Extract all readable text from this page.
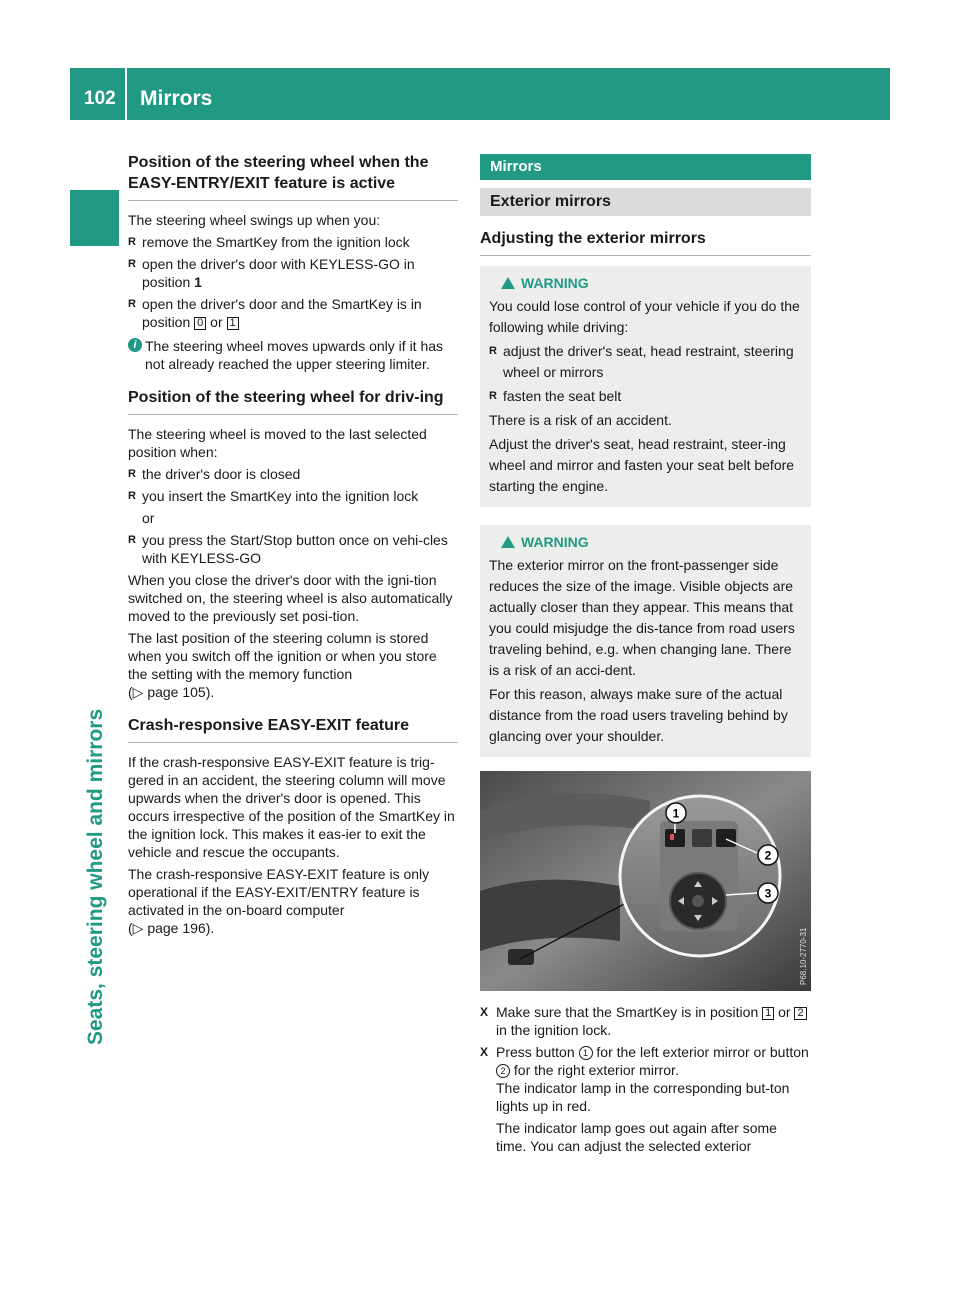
102 Mirrors
Seats, steering wheel and mirrors
Position of the steering wheel when the EASY-ENTRY/EXIT feature is active

The steering wheel swings up when you:

R remove the SmartKey from the ignition lock
R open the driver's door with KEYLESS-GO in position 1
R open the driver's door and the SmartKey is in position 0 or 1
i The steering wheel moves upwards only if it has not already reached the upper steering limiter.
Position of the steering wheel for driv-ing

The steering wheel is moved to the last selected position when:

R the driver's door is closed
R you insert the SmartKey into the ignition lock

or

R you press the Start/Stop button once on vehi-cles with KEYLESS-GO

When you close the driver's door with the igni-tion switched on, the steering wheel is also automatically moved to the previously set posi-tion.

The last position of the steering column is stored when you switch off the ignition or when you store the setting with the memory function

(▷ page 105).

Crash-responsive EASY-EXIT feature

If the crash-responsive EASY-EXIT feature is trig-gered in an accident, the steering column will move upwards when the driver's door is opened. This occurs irrespective of the position of the SmartKey in the ignition lock. This makes it eas-ier to exit the vehicle and rescue the occupants.

The crash-responsive EASY-EXIT feature is only operational if the EASY-EXIT/ENTRY feature is activated in the on-board computer

(▷ page 196).

Mirrors
Exterior mirrors
Adjusting the exterior mirrors
WARNING

You could lose control of your vehicle if you do the following while driving:

R adjust the driver's seat, head restraint, steering wheel or mirrors
R fasten the seat belt

There is a risk of an accident.

Adjust the driver's seat, head restraint, steer-ing wheel and mirror and fasten your seat belt before starting the engine.

WARNING

The exterior mirror on the front-passenger side reduces the size of the image. Visible objects are actually closer than they appear. This means that you could misjudge the dis-tance from road users traveling behind, e.g. when changing lane. There is a risk of an acci-dent.

For this reason, always make sure of the actual distance from the road users traveling behind by glancing over your shoulder.

1
2
3
P68.10-2770-31
X Make sure that the SmartKey is in position 1 or 2 in the ignition lock.
X Press button 1 for the left exterior mirror or button 2 for the right exterior mirror.

The indicator lamp in the corresponding but-ton lights up in red.

The indicator lamp goes out again after some time. You can adjust the selected exterior
